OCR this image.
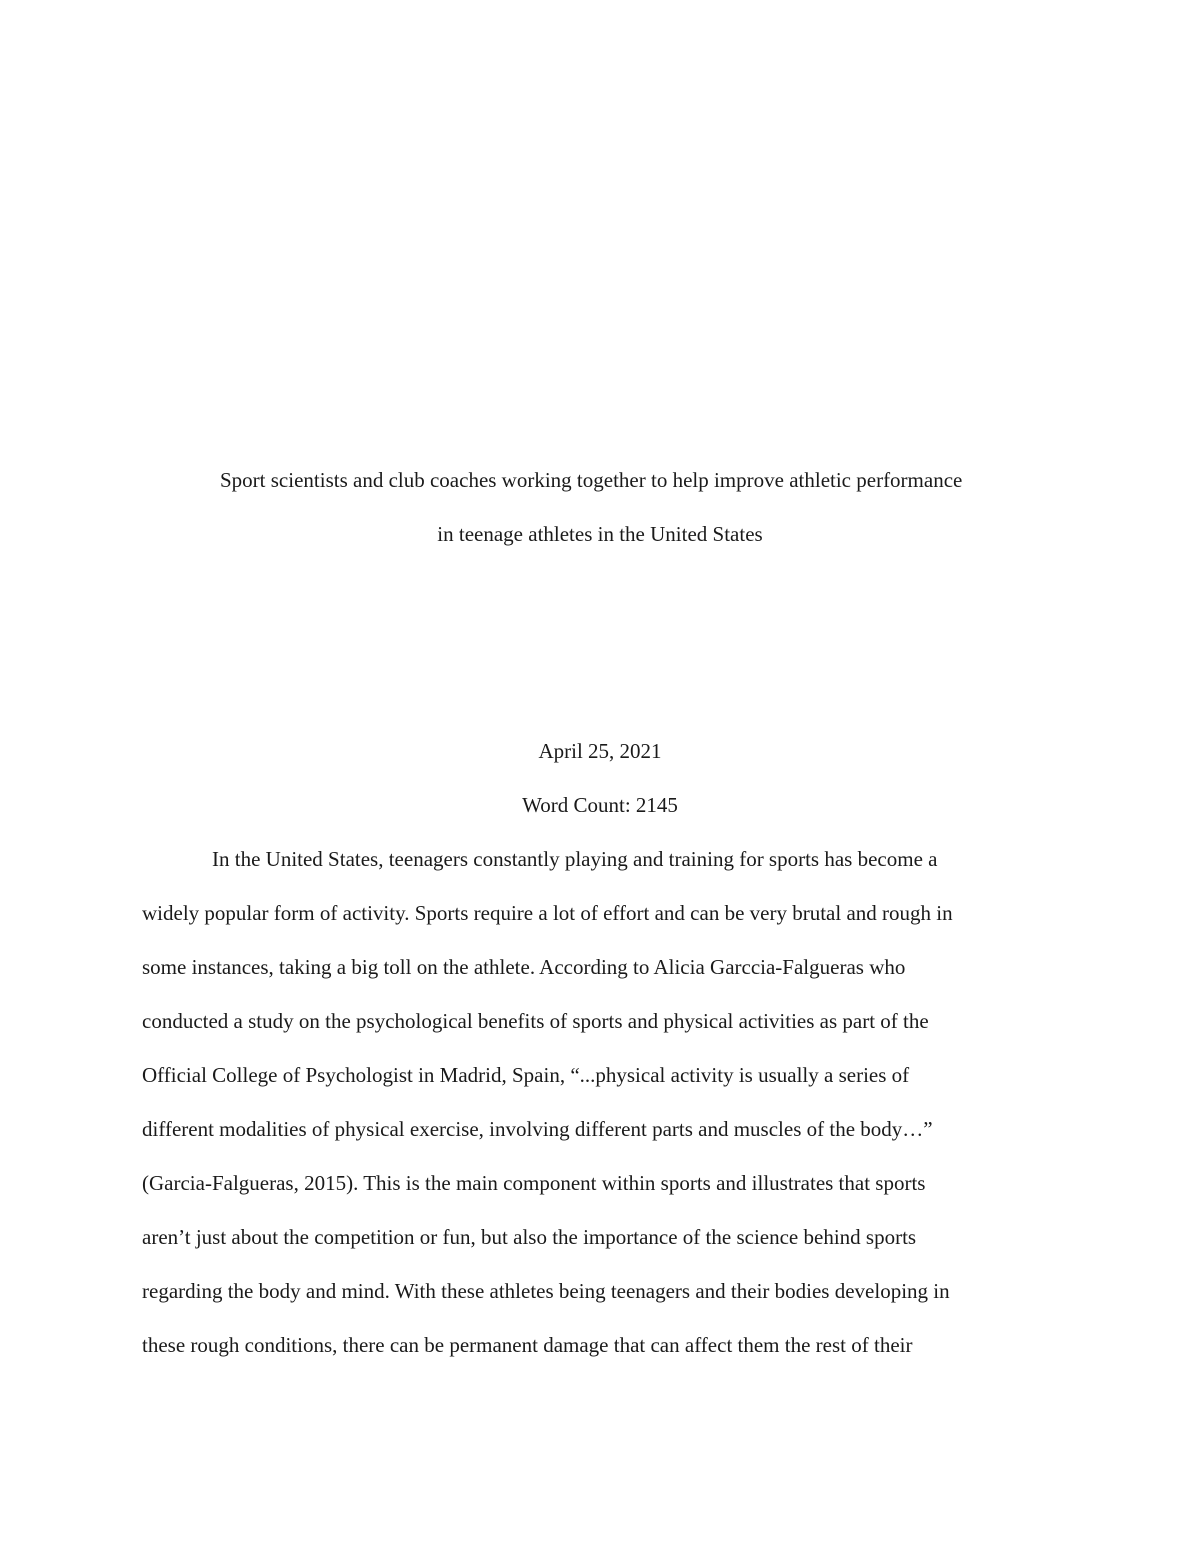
Sport scientists and club coaches working together to help improve athletic performance
in teenage athletes in the United States
April 25, 2021
Word Count: 2145
In the United States, teenagers constantly playing and training for sports has become a
widely popular form of activity. Sports require a lot of effort and can be very brutal and rough in
some instances, taking a big toll on the athlete. According to Alicia Garccia-Falgueras who
conducted a study on the psychological benefits of sports and physical activities as part of the
Official College of Psychologist in Madrid, Spain, “...physical activity is usually a series of
different modalities of physical exercise, involving different parts and muscles of the body…”
(Garcia-Falgueras, 2015). This is the main component within sports and illustrates that sports
aren’t just about the competition or fun, but also the importance of the science behind sports
regarding the body and mind. With these athletes being teenagers and their bodies developing in
these rough conditions, there can be permanent damage that can affect them the rest of their
